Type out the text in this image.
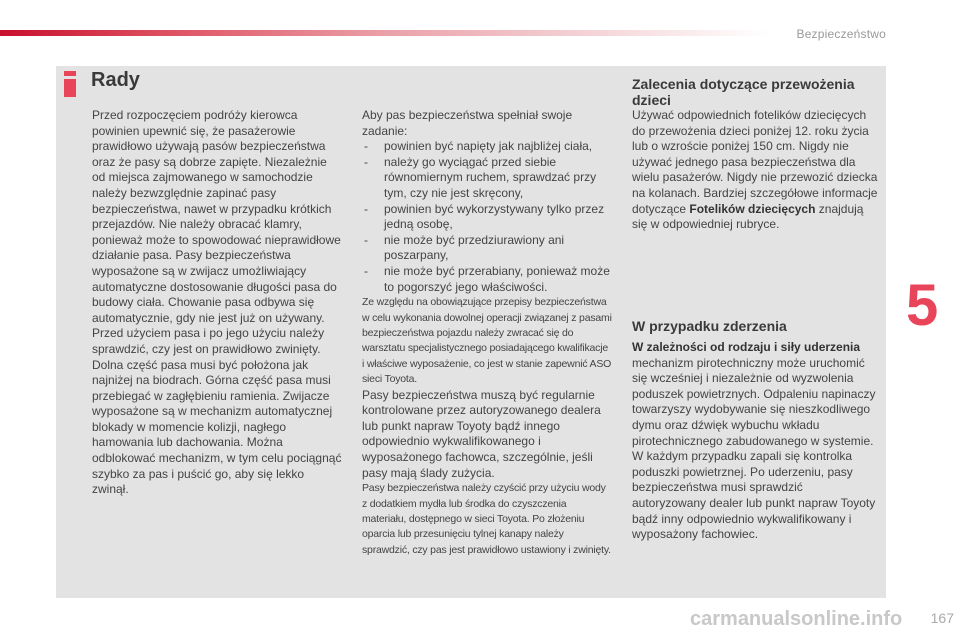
Bezpieczeństwo
Rady

Przed rozpoczęciem podróży kierowca powinien upewnić się, że pasażerowie prawidłowo używają pasów bezpieczeństwa oraz że pasy są dobrze zapięte. Niezależnie od miejsca zajmowanego w samochodzie należy bezwzględnie zapinać pasy bezpieczeństwa, nawet w przypadku krótkich przejazdów. Nie należy obracać klamry, ponieważ może to spowodować nieprawidłowe działanie pasa. Pasy bezpieczeństwa wyposażone są w zwijacz umożliwiający automatyczne dostosowanie długości pasa do budowy ciała. Chowanie pasa odbywa się automatycznie, gdy nie jest już on używany. Przed użyciem pasa i po jego użyciu należy sprawdzić, czy jest on prawidłowo zwinięty. Dolna część pasa musi być położona jak najniżej na biodrach. Górna część pasa musi przebiegać w zagłębieniu ramienia. Zwijacze wyposażone są w mechanizm automatycznej blokady w momencie kolizji, nagłego hamowania lub dachowania. Można odblokować mechanizm, w tym celu pociągnąć szybko za pas i puścić go, aby się lekko zwinął.

Aby pas bezpieczeństwa spełniał swoje zadanie:

- powinien być napięty jak najbliżej ciała,
- należy go wyciągać przed siebie równomiernym ruchem, sprawdzać przy tym, czy nie jest skręcony,
- powinien być wykorzystywany tylko przez jedną osobę,
- nie może być przedziurawiony ani poszarpany,
- nie może być przerabiany, ponieważ może to pogorszyć jego właściwości.

Ze względu na obowiązujące przepisy bezpieczeństwa w celu wykonania dowolnej operacji związanej z pasami bezpieczeństwa pojazdu należy zwracać się do warsztatu specjalistycznego posiadającego kwalifikacje i właściwe wyposażenie, co jest w stanie zapewnić ASO sieci Toyota.

Pasy bezpieczeństwa muszą być regularnie kontrolowane przez autoryzowanego dealera lub punkt napraw Toyoty bądź innego odpowiednio wykwalifikowanego i wyposażonego fachowca, szczególnie, jeśli pasy mają ślady zużycia.

Pasy bezpieczeństwa należy czyścić przy użyciu wody z dodatkiem mydła lub środka do czyszczenia materiału, dostępnego w sieci Toyota. Po złożeniu oparcia lub przesunięciu tylnej kanapy należy sprawdzić, czy pas jest prawidłowo ustawiony i zwinięty.

Zalecenia dotyczące przewożenia dzieci

Używać odpowiednich fotelików dziecięcych do przewożenia dzieci poniżej 12. roku życia lub o wzroście poniżej 150 cm. Nigdy nie używać jednego pasa bezpieczeństwa dla wielu pasażerów. Nigdy nie przewozić dziecka na kolanach. Bardziej szczegółowe informacje dotyczące Fotelików dziecięcych znajdują się w odpowiedniej rubryce.

W przypadku zderzenia

W zależności od rodzaju i siły uderzenia

mechanizm pirotechniczny może uruchomić się wcześniej i niezależnie od wyzwolenia poduszek powietrznych. Odpaleniu napinaczy towarzyszy wydobywanie się nieszkodliwego dymu oraz dźwięk wybuchu wkładu pirotechnicznego zabudowanego w systemie. W każdym przypadku zapali się kontrolka poduszki powietrznej. Po uderzeniu, pasy bezpieczeństwa musi sprawdzić autoryzowany dealer lub punkt napraw Toyoty bądź inny odpowiednio wykwalifikowany i wyposażony fachowiec.

5
carmanualsonline.info 167
